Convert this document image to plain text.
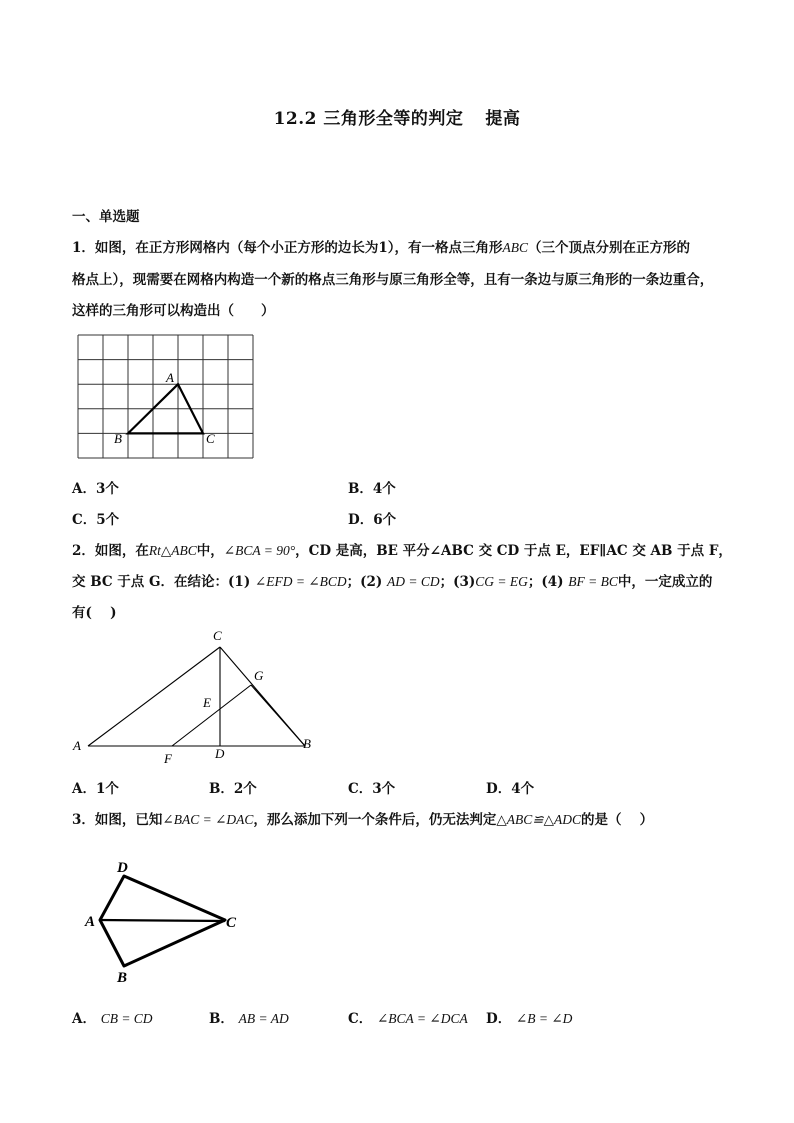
12.2 三角形全等的判定 提高
一、单选题
1．如图，在正方形网格内（每个小正方形的边长为1），有一格点三角形ABC（三个顶点分别在正方形的
格点上），现需要在网格内构造一个新的格点三角形与原三角形全等，且有一条边与原三角形的一条边重合，
这样的三角形可以构造出（　　）
A
B	C
A．3个	B．4个
C．5个	D．6个
2．如图，在Rt△ABC中，∠BCA = 90°，CD 是高，BE 平分∠ABC 交 CD 于点 E，EF∥AC 交 AB 于点 F，
交 BC 于点 G．在结论：(1) ∠EFD = ∠BCD；(2) AD = CD；(3)CG = EG；(4) BF = BC中，一定成立的
有(　 )
C
G
E
A	B
D
F
A．1个	B．2个	C．3个	D．4个
3．如图，已知∠BAC = ∠DAC，那么添加下列一个条件后，仍无法判定△ABC≌△ADC的是（　 ）
D
A	C
B
A． CB = CD	B． AB = AD	C． ∠BCA = ∠DCA D． ∠B = ∠D
